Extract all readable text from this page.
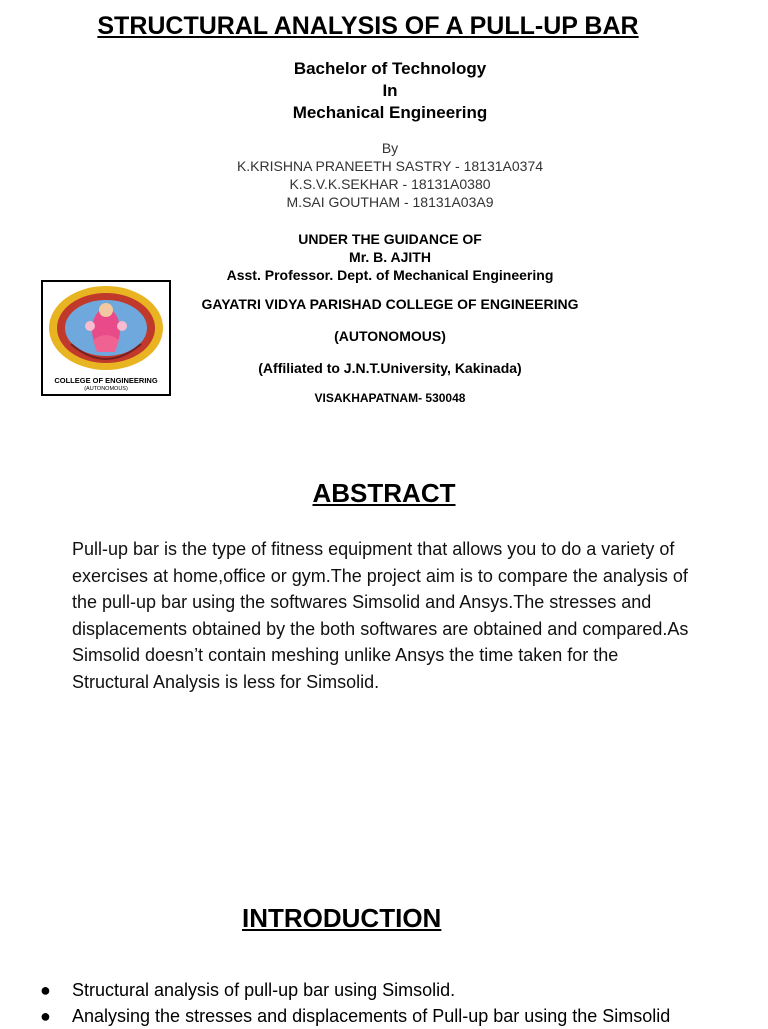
STRUCTURAL ANALYSIS OF A PULL-UP BAR
Bachelor of Technology
In
Mechanical Engineering
By
K.KRISHNA PRANEETH SASTRY - 18131A0374
K.S.V.K.SEKHAR - 18131A0380
M.SAI GOUTHAM - 18131A03A9
UNDER THE GUIDANCE OF
Mr. B. AJITH
Asst. Professor. Dept. of Mechanical Engineering
COLLEGE OF ENGINEERING
(AUTONOMOUS)
GAYATRI VIDYA PARISHAD COLLEGE OF ENGINEERING
(AUTONOMOUS)
(Affiliated to J.N.T.University, Kakinada)
VISAKHAPATNAM- 530048
ABSTRACT
Pull-up bar is the type of fitness equipment that allows you to do a variety of
exercises at home,office or gym.The project aim is to compare the analysis of
the pull-up bar using the softwares Simsolid and Ansys.The stresses and
displacements obtained by the both softwares are obtained and compared.As
Simsolid doesn’t contain meshing unlike Ansys the time taken for the
Structural Analysis is less for Simsolid.
INTRODUCTION
● Structural analysis of pull-up bar using Simsolid.
● Analysing the stresses and displacements of Pull-up bar using the Simsolid
